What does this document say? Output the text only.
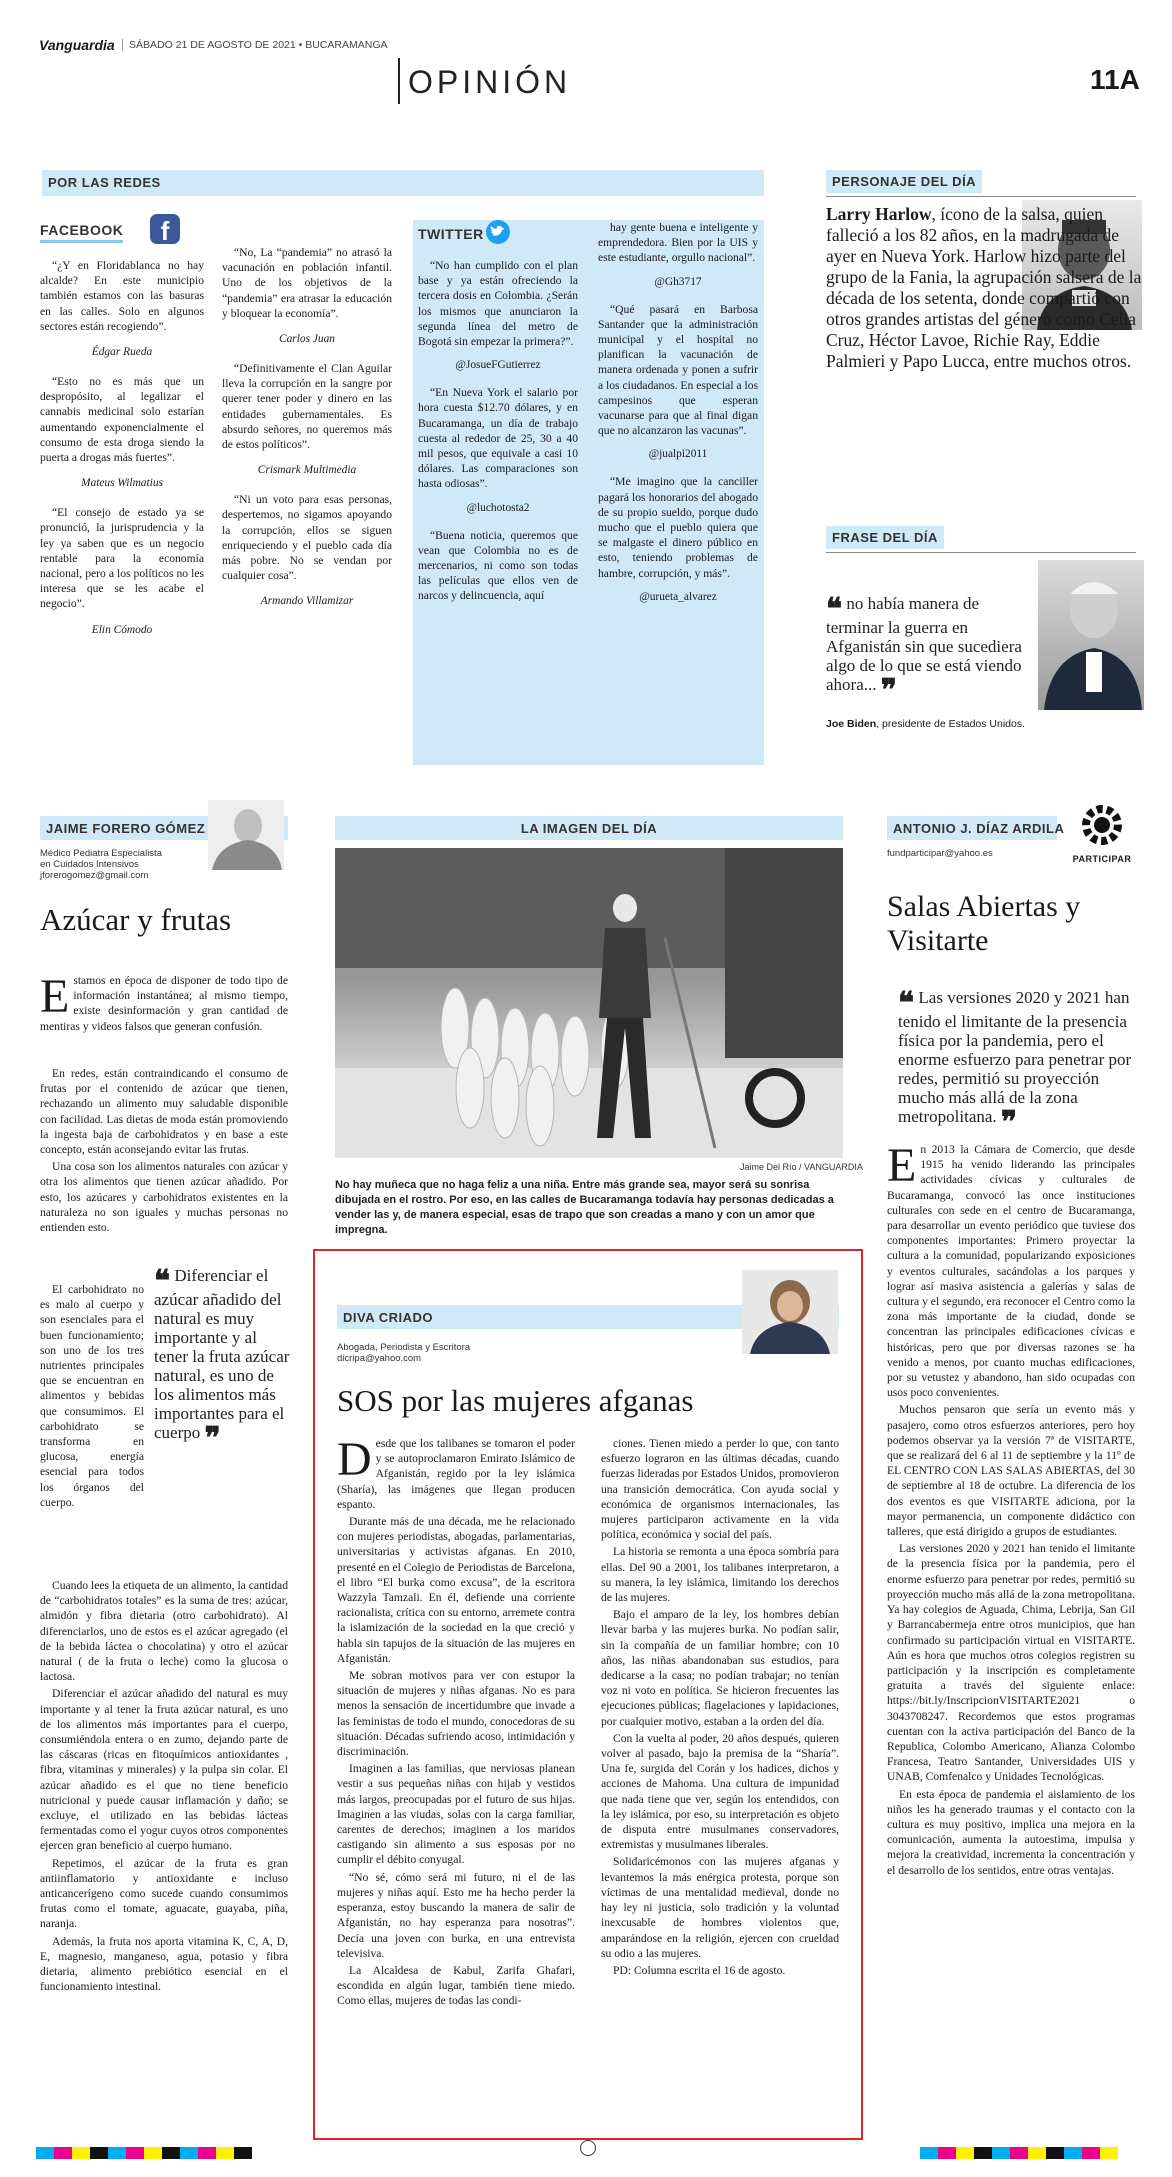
Vanguardia	SÁBADO 21 DE AGOSTO DE 2021 • BUCARAMANGA
OPINIÓN	11A
POR LAS REDES
FACEBOOK	f

“¿Y en Floridablanca no hay alcalde? En este municipio también estamos con las basuras en las calles. Solo en algunos sectores están recogiendo”.

Édgar Rueda

“Esto no es más que un despropósito, al legalizar el cannabis medicinal solo estarían aumentando exponencialmente el consumo de esta droga siendo la puerta a drogas más fuertes”.

Mateus Wilmatius

“El consejo de estado ya se pronunció, la jurisprudencia y la ley ya saben que es un negocio rentable para la economía nacional, pero a los políticos no les interesa que se les acabe el negocio”.

Elin Cómodo

“No, La “pandemia” no atrasó la vacunación en población infantil. Uno de los objetivos de la “pandemia” era atrasar la educación y bloquear la economía”.

Carlos Juan

“Definitivamente el Clan Aguilar lleva la corrupción en la sangre por querer tener poder y dinero en las entidades gubernamentales. Es absurdo señores, no queremos más de estos políticos”.

Crismark Multimedia

“Ni un voto para esas personas, despertemos, no sigamos apoyando la corrupción, ellos se siguen enriqueciendo y el pueblo cada día más pobre. No se vendan por cualquier cosa”.

Armando Villamizar
TWITTER

“No han cumplido con el plan base y ya están ofreciendo la tercera dosis en Colombia. ¿Serán los mismos que anunciaron la segunda línea del metro de Bogotá sin empezar la primera?”.

@JosueFGutierrez

“En Nueva York el salario por hora cuesta $12.70 dólares, y en Bucaramanga, un día de trabajo cuesta al rededor de 25, 30 a 40 mil pesos, que equivale a casi 10 dólares. Las comparaciones son hasta odiosas”.

@luchotosta2

“Buena noticia, queremos que vean que Colombia no es de mercenarios, ni como son todas las películas que ellos ven de narcos y delincuencia, aquí

hay gente buena e inteligente y emprendedora. Bien por la UIS y este estudiante, orgullo nacional”.

@Gh3717

“Qué pasará en Barbosa Santander que la administración municipal y el hospital no planifican la vacunación de manera ordenada y ponen a sufrir a los ciudadanos. En especial a los campesinos que esperan vacunarse para que al final digan que no alcanzaron las vacunas”.

@jualpi2011

“Me imagino que la canciller pagará los honorarios del abogado de su propio sueldo, porque dudo mucho que el pueblo quiera que se malgaste el dinero público en esto, teniendo problemas de hambre, corrupción, y más”.

@urueta_alvarez
PERSONAJE DEL DÍA
Larry Harlow, ícono de la salsa, quien falleció a los 82 años, en la madrugada de ayer en Nueva York. Harlow hizo parte del grupo de la Fania, la agrupación salsera de la década de los setenta, donde compartió con otros grandes artistas del género como Celia Cruz, Héctor Lavoe, Richie Ray, Eddie Palmieri y Papo Lucca, entre muchos otros.
FRASE DEL DÍA
❝ no había manera de terminar la guerra en Afganistán sin que sucediera algo de lo que se está viendo ahora... ❞
Joe Biden, presidente de Estados Unidos.
JAIME FORERO GÓMEZ
Médico Pediatra Especialista
en Cuidados Intensivos
jforerogomez@gmail.com
Azúcar y frutas

Estamos en época de disponer de todo tipo de información instantánea; al mismo tiempo, existe desinformación y gran cantidad de mentiras y videos falsos que generan confusión.

En redes, están contraindicando el consumo de frutas por el contenido de azúcar que tienen, rechazando un alimento muy saludable disponible con facilidad. Las dietas de moda están promoviendo la ingesta baja de carbohidratos y en base a este concepto, están aconsejando evitar las frutas.

Una cosa son los alimentos naturales con azúcar y otra los alimentos que tienen azúcar añadido. Por esto, los azúcares y carbohidratos existentes en la naturaleza no son iguales y muchas personas no entienden esto.

El carbohidrato no es malo al cuerpo y son esenciales para el buen funcionamiento; son uno de los tres nutrientes principales que se encuentran en alimentos y bebidas que consumimos. El carbohidrato se transforma en glucosa, energía esencial para todos los órganos del cuerpo.

❝ Diferenciar el azúcar añadido del natural es muy importante y al tener la fruta azúcar natural, es uno de los alimentos más importantes para el cuerpo ❞

Cuando lees la etiqueta de un alimento, la cantidad de “carbohidratos totales” es la suma de tres: azúcar, almidón y fibra dietaria (otro carbohidrato). Al diferenciarlos, uno de estos es el azúcar agregado (el de la bebida láctea o chocolatina) y otro el azúcar natural ( de la fruta o leche) como la glucosa o lactosa.

Diferenciar el azúcar añadido del natural es muy importante y al tener la fruta azúcar natural, es uno de los alimentos más importantes para el cuerpo, consumiéndola entera o en zumo, dejando parte de las cáscaras (ricas en fitoquímicos antioxidantes , fibra, vitaminas y minerales) y la pulpa sin colar. El azúcar añadido es el que no tiene beneficio nutricional y puede causar inflamación y daño; se excluye, el utilizado en las bebidas lácteas fermentadas como el yogur cuyos otros componentes ejercen gran beneficio al cuerpo humano.

Repetimos, el azúcar de la fruta es gran antiinflamatorio y antioxidante e incluso anticancerígeno como sucede cuando consumimos frutas como el tomate, aguacate, guayaba, piña, naranja.

Además, la fruta nos aporta vitamina K, C, A, D, E, magnesio, manganeso, agua, potasio y fibra dietaria, alimento prebiótico esencial en el funcionamiento intestinal.

LA IMAGEN DEL DÍA
Jaime Del Río / VANGUARDIA
No hay muñeca que no haga feliz a una niña. Entre más grande sea, mayor será su sonrisa dibujada en el rostro. Por eso, en las calles de Bucaramanga todavía hay personas dedicadas a vender las y, de manera especial, esas de trapo que son creadas a mano y con un amor que impregna.
DIVA CRIADO
Abogada, Periodista y Escritora
dicripa@yahoo.com
SOS por las mujeres afganas

Desde que los talibanes se tomaron el poder y se autoproclamaron Emirato Islámico de Afganistán, regido por la ley islámica (Sharía), las imágenes que llegan producen espanto.

Durante más de una década, me he relacionado con mujeres periodistas, abogadas, parlamentarias, universitarias y activistas afganas. En 2010, presenté en el Colegio de Periodistas de Barcelona, el libro “El burka como excusa”, de la escritora Wazzyla Tamzali. En él, defiende una corriente racionalista, crítica con su entorno, arremete contra la islamización de la sociedad en la que creció y habla sin tapujos de la situación de las mujeres en Afganistán.

Me sobran motivos para ver con estupor la situación de mujeres y niñas afganas. No es para menos la sensación de incertidumbre que invade a las feministas de todo el mundo, conocedoras de su situación. Décadas sufriendo acoso, intimidación y discriminación.

Imaginen a las familias, que nerviosas planean vestir a sus pequeñas niñas con hijab y vestidos más largos, preocupadas por el futuro de sus hijas. Imaginen a las viudas, solas con la carga familiar, carentes de derechos; imaginen a los maridos castigando sin alimento a sus esposas por no cumplir el débito conyugal.

“No sé, cómo será mi futuro, ni el de las mujeres y niñas aquí. Esto me ha hecho perder la esperanza, estoy buscando la manera de salir de Afganistán, no hay esperanza para nosotras”. Decía una joven con burka, en una entrevista televisiva.

La Alcaldesa de Kabul, Zarifa Ghafari, escondida en algún lugar, también tiene miedo. Como ellas, mujeres de todas las condi-

ciones. Tienen miedo a perder lo que, con tanto esfuerzo lograron en las últimas décadas, cuando fuerzas lideradas por Estados Unidos, promovieron una transición democrática. Con ayuda social y económica de organismos internacionales, las mujeres participaron activamente en la vida política, económica y social del país.

La historia se remonta a una época sombría para ellas. Del 90 a 2001, los talibanes interpretaron, a su manera, la ley islámica, limitando los derechos de las mujeres.

Bajo el amparo de la ley, los hombres debían llevar barba y las mujeres burka. No podían salir, sin la compañía de un familiar hombre; con 10 años, las niñas abandonaban sus estudios, para dedicarse a la casa; no podían trabajar; no tenían voz ni voto en política. Se hicieron frecuentes las ejecuciones públicas; flagelaciones y lapidaciones, por cualquier motivo, estaban a la orden del día.

Con la vuelta al poder, 20 años después, quieren volver al pasado, bajo la premisa de la “Sharía”. Una fe, surgida del Corán y los hadices, dichos y acciones de Mahoma. Una cultura de impunidad que nada tiene que ver, según los entendidos, con la ley islámica, por eso, su interpretación es objeto de disputa entre musulmanes conservadores, extremistas y musulmanes liberales.

Solidaricémonos con las mujeres afganas y levantemos la más enérgica protesta, porque son víctimas de una mentalidad medieval, donde no hay ley ni justicia, solo tradición y la voluntad inexcusable de hombres violentos que, amparándose en la religión, ejercen con crueldad su odio a las mujeres.

PD: Columna escrita el 16 de agosto.

ANTONIO J. DÍAZ ARDILA
PARTICIPAR
fundparticipar@yahoo.es
Salas Abiertas y Visitarte
❝ Las versiones 2020 y 2021 han tenido el limitante de la presencia física por la pandemia, pero el enorme esfuerzo para penetrar por redes, permitió su proyección mucho más allá de la zona metropolitana. ❞

En 2013 la Cámara de Comercio, que desde 1915 ha venido liderando las principales actividades cívicas y culturales de Bucaramanga, convocó las once instituciones culturales con sede en el centro de Bucaramanga, para desarrollar un evento periódico que tuviese dos componentes importantes: Primero proyectar la cultura a la comunidad, popularizando exposiciones y eventos culturales, sacándolas a los parques y lograr así masiva asistencia a galerías y salas de cultura y el segundo, era reconocer el Centro como la zona más importante de la ciudad, donde se concentran las principales edificaciones cívicas e históricas, pero que por diversas razones se ha venido a menos, por cuanto muchas edificaciones, por su vetustez y abandono, han sido ocupadas con usos poco convenientes.

Muchos pensaron que sería un evento más y pasajero, como otros esfuerzos anteriores, pero hoy podemos observar ya la versión 7ª de VISITARTE, que se realizará del 6 al 11 de septiembre y la 11º de EL CENTRO CON LAS SALAS ABIERTAS, del 30 de septiembre al 18 de octubre. La diferencia de los dos eventos es que VISITARTE adiciona, por la mayor permanencia, un componente didáctico con talleres, que está dirigido a grupos de estudiantes.

Las versiones 2020 y 2021 han tenido el limitante de la presencia física por la pandemia, pero el enorme esfuerzo para penetrar por redes, permitió su proyección mucho más allá de la zona metropolitana. Ya hay colegios de Aguada, Chima, Lebrija, San Gil y Barrancabermeja entre otros municipios, que han confirmado su participación virtual en VISITARTE. Aún es hora que muchos otros colegios registren su participación y la inscripción es completamente gratuita a través del siguiente enlace: https://bit.ly/InscripcionVISITARTE2021 o 3043708247. Recordemos que estos programas cuentan con la activa participación del Banco de la Republica, Colombo Americano, Alianza Colombo Francesa, Teatro Santander, Universidades UIS y UNAB, Comfenalco y Unidades Tecnológicas.

En esta época de pandemia el aislamiento de los niños les ha generado traumas y el contacto con la cultura es muy positivo, implica una mejora en la comunicación, aumenta la autoestima, impulsa y mejora la creatividad, incrementa la concentración y el desarrollo de los sentidos, entre otras ventajas.
